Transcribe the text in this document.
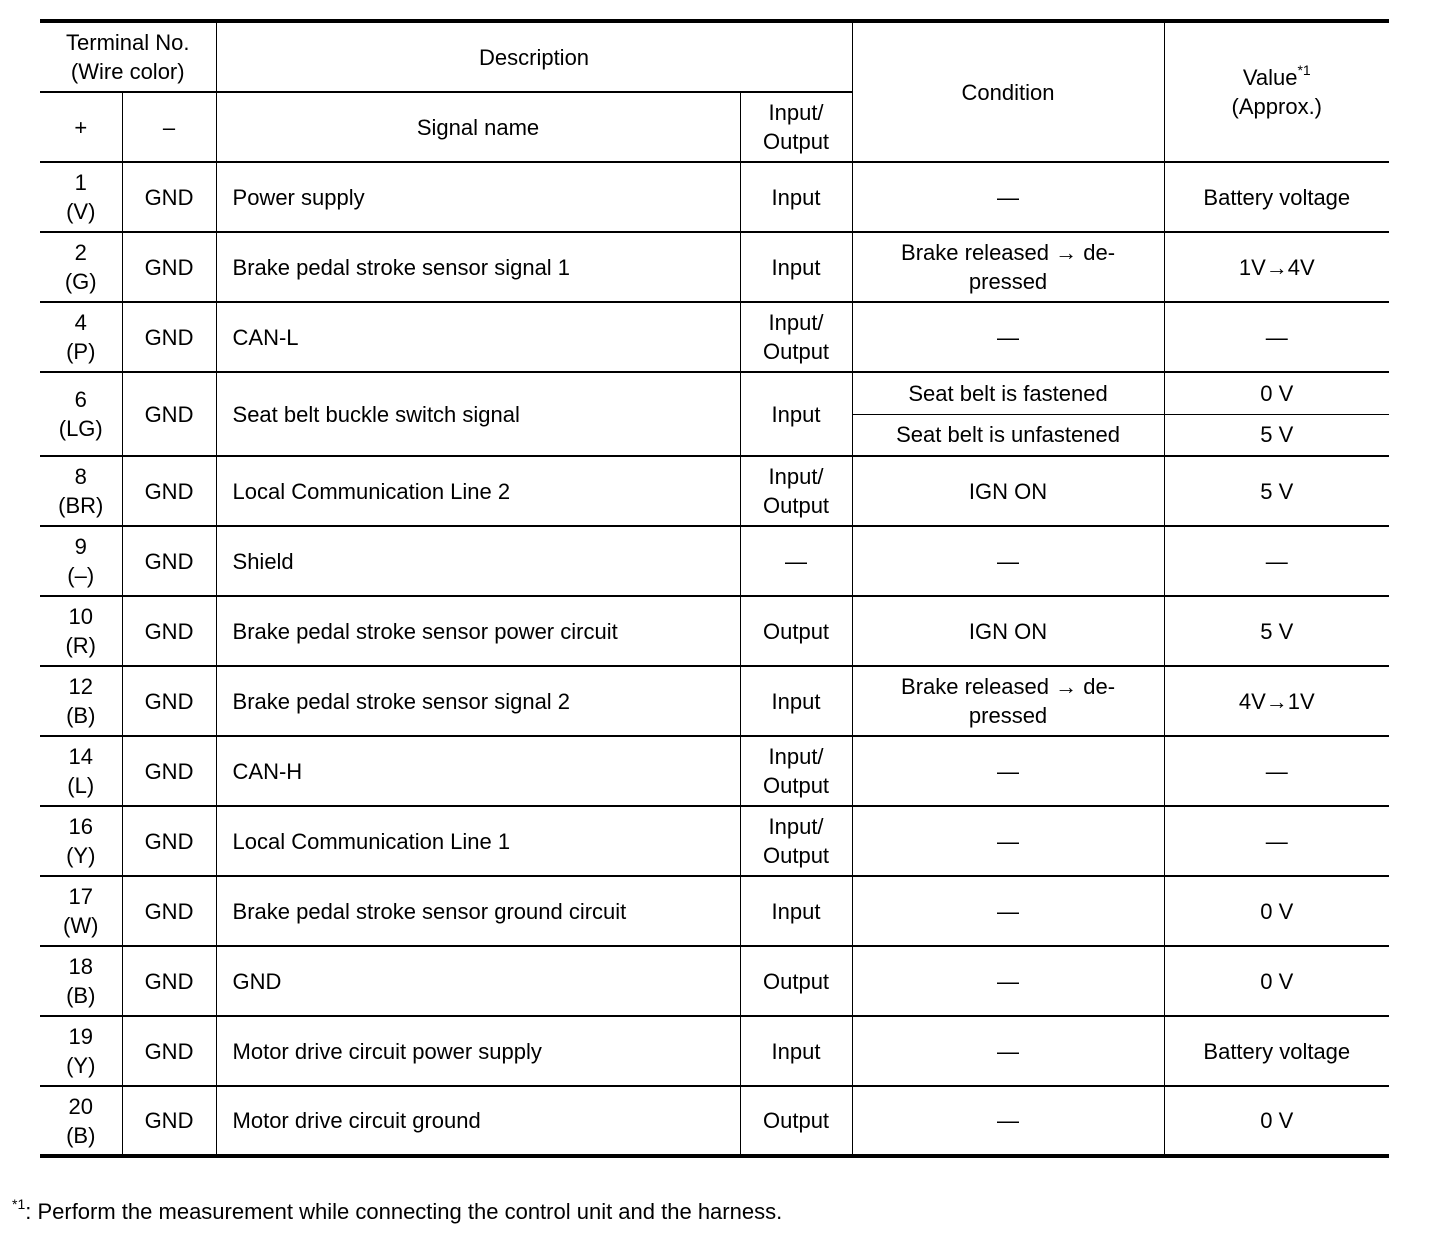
Terminal No.
(Wire color)		Description		Condition	Value$^{*1}$
(Approx.)

+	–	Signal name	Input/
Output		

1
(V)	GND	Power supply	Input	—	Battery voltage

2
(G)	GND	Brake pedal stroke sensor signal 1	Input	Brake released → de-
pressed	1V→4V

4
(P)	GND	CAN-L	Input/
Output	—	—

6
(LG)	GND	Seat belt buckle switch signal	Input	Seat belt is fastened	0 V
				Seat belt is unfastened	5 V

8
(BR)	GND	Local Communication Line 2	Input/
Output	IGN ON	5 V

9
(–)	GND	Shield	—	—	—

10
(R)	GND	Brake pedal stroke sensor power circuit	Output	IGN ON	5 V

12
(B)	GND	Brake pedal stroke sensor signal 2	Input	Brake released → de-
pressed	4V→1V

14
(L)	GND	CAN-H	Input/
Output	—	—

16
(Y)	GND	Local Communication Line 1	Input/
Output	—	—

17
(W)	GND	Brake pedal stroke sensor ground circuit	Input	—	0 V

18
(B)	GND	GND	Output	—	0 V

19
(Y)	GND	Motor drive circuit power supply	Input	—	Battery voltage

20
(B)	GND	Motor drive circuit ground	Output	—	0 V
$^{*1}$: Perform the measurement while connecting the control unit and the harness.
